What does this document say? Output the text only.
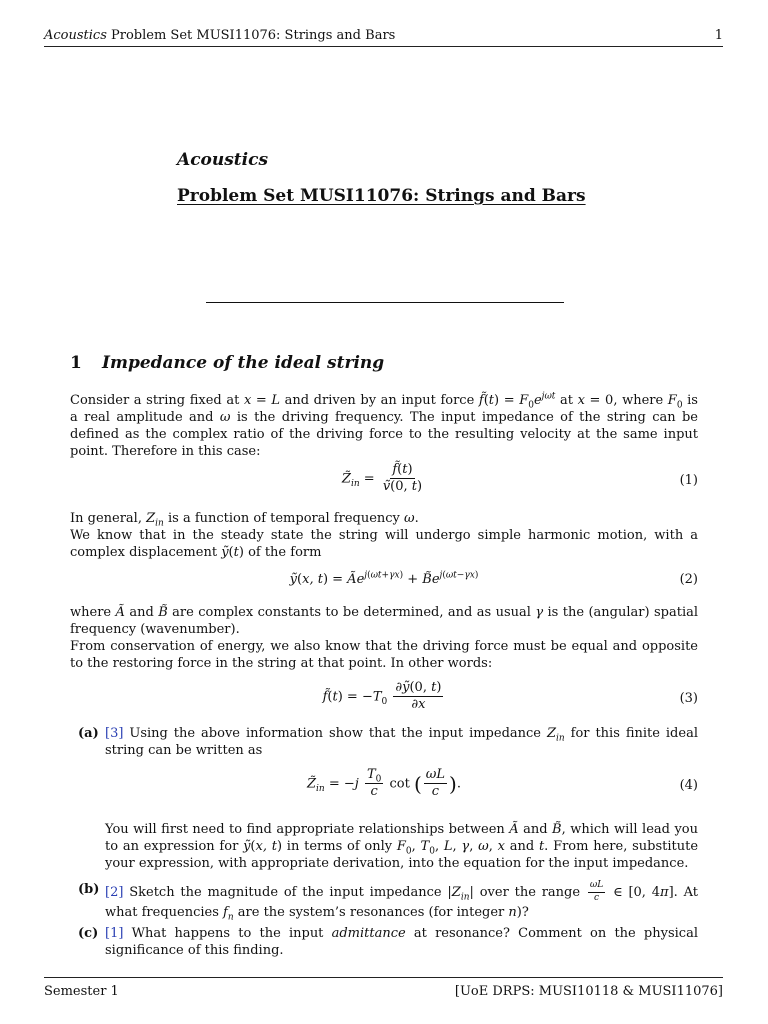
Acoustics Problem Set MUSI11076: Strings and Bars	1
Acoustics
Problem Set MUSI11076: Strings and Bars
1 Impedance of the ideal string
Consider a string fixed at x = L and driven by an input force f̃(t) = $F_0e^{j\omega t}$ at x = 0, where $F_0$ is a real amplitude and ω is the driving frequency. The input impedance of the string can be defined as the complex ratio of the driving force to the resulting velocity at the same input point. Therefore in this case:
$Z̃_{in} = \frac{f̃(t)}{\text{ṽ(0, t)}}$	(1)
In general, $Z_{in}$ is a function of temporal frequency ω.
We know that in the steady state the string will undergo simple harmonic motion, with a complex displacement ỹ(t) of the form
ỹ(x, $t) = Ãe^{j(\omega t+\gamma x)}$ + $B̃e^{j(\omega t-\gamma x)}$	(2)
where Ã and B̃ are complex constants to be determined, and as usual γ is the (angular) spatial frequency (wavenumber).
From conservation of energy, we also know that the driving force must be equal and opposite to the restoring force in the string at that point. In other words:
f̃(t) = $-T_0 \frac{\text{∂ỹ(0, t)}}{\partial x}$	(3)
(a) [3] Using the above information show that the input impedance $Z_{in}$ for this finite ideal string can be written as
$Z̃_{in} = -j \frac{T_0}{c}$ cot ( $\frac{\omega L}{c}$ ).	(4)
You will first need to find appropriate relationships between Ã and B̃, which will lead you to an expression for ỹ(x, t) in terms of only $F_0$, $T_0$, L, γ, ω, x and t. From here, substitute your expression, with appropriate derivation, into the equation for the input impedance.
(b) [2] Sketch the magnitude of the input impedance $|Z_{in}|$ over the range $\frac{\omega L}{c}$ ∈ [0, 4π]. At what frequencies $f_n$ are the system’s resonances (for integer n)?
(c) [1] What happens to the input admittance at resonance? Comment on the physical significance of this finding.
Semester 1	[UoE DRPS: MUSI10118 & MUSI11076]
